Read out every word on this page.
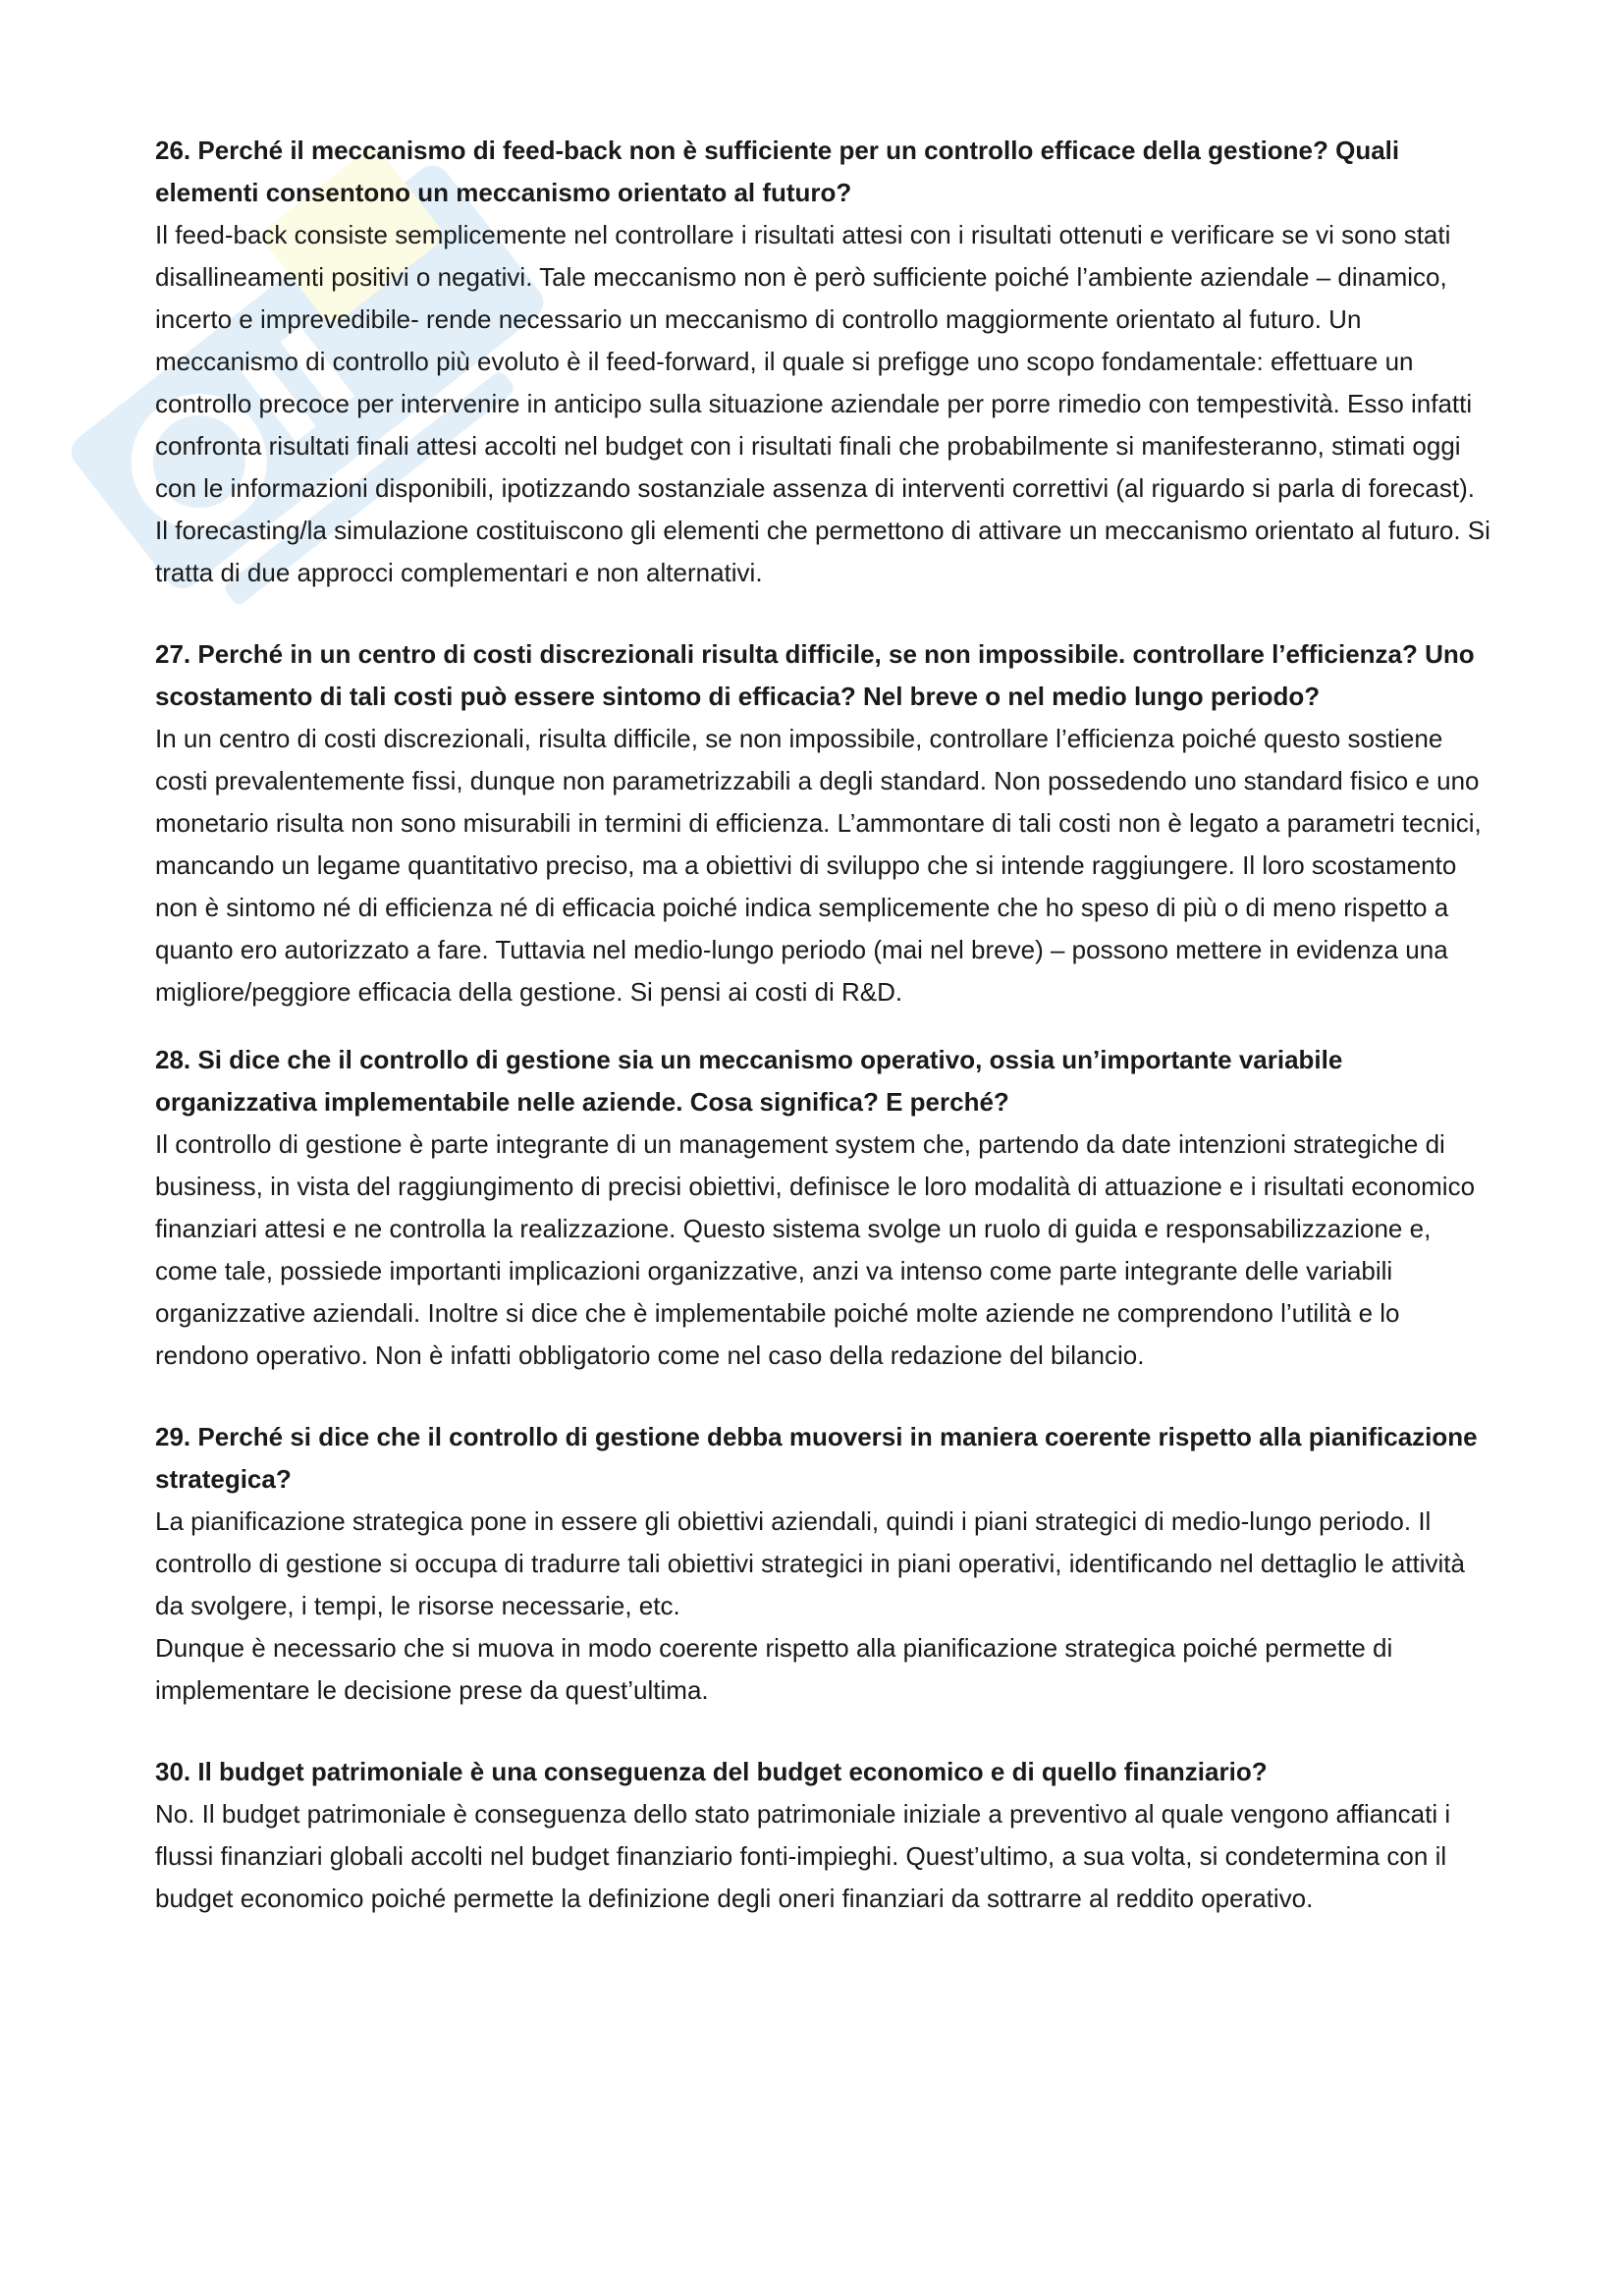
26. Perché il meccanismo di feed-back non è sufficiente per un controllo efficace della gestione? Quali elementi consentono un meccanismo orientato al futuro?

Il feed-back consiste semplicemente nel controllare i risultati attesi con i risultati ottenuti e verificare se vi sono stati disallineamenti positivi o negativi. Tale meccanismo non è però sufficiente poiché l’ambiente aziendale – dinamico, incerto e imprevedibile- rende necessario un meccanismo di controllo maggiormente orientato al futuro. Un meccanismo di controllo più evoluto è il feed-forward, il quale si prefigge uno scopo fondamentale: effettuare un controllo precoce per intervenire in anticipo sulla situazione aziendale per porre rimedio con tempestività. Esso infatti confronta risultati finali attesi accolti nel budget con i risultati finali che probabilmente si manifesteranno, stimati oggi con le informazioni disponibili, ipotizzando sostanziale assenza di interventi correttivi (al riguardo si parla di forecast).

Il forecasting/la simulazione costituiscono gli elementi che permettono di attivare un meccanismo orientato al futuro. Si tratta di due approcci complementari e non alternativi.

27. Perché in un centro di costi discrezionali risulta difficile, se non impossibile. controllare l’efficienza? Uno scostamento di tali costi può essere sintomo di efficacia? Nel breve o nel medio lungo periodo?

In un centro di costi discrezionali, risulta difficile, se non impossibile, controllare l’efficienza poiché questo sostiene costi prevalentemente fissi, dunque non parametrizzabili a degli standard. Non possedendo uno standard fisico e uno monetario risulta non sono misurabili in termini di efficienza. L’ammontare di tali costi non è legato a parametri tecnici, mancando un legame quantitativo preciso, ma a obiettivi di sviluppo che si intende raggiungere. Il loro scostamento non è sintomo né di efficienza né di efficacia poiché indica semplicemente che ho speso di più o di meno rispetto a quanto ero autorizzato a fare. Tuttavia nel medio-lungo periodo (mai nel breve) – possono mettere in evidenza una migliore/peggiore efficacia della gestione. Si pensi ai costi di R&D.

28. Si dice che il controllo di gestione sia un meccanismo operativo, ossia un’importante variabile organizzativa implementabile nelle aziende. Cosa significa? E perché?

Il controllo di gestione è parte integrante di un management system che, partendo da date intenzioni strategiche di business, in vista del raggiungimento di precisi obiettivi, definisce le loro modalità di attuazione e i risultati economico finanziari attesi e ne controlla la realizzazione. Questo sistema svolge un ruolo di guida e responsabilizzazione e, come tale, possiede importanti implicazioni organizzative, anzi va intenso come parte integrante delle variabili organizzative aziendali. Inoltre si dice che è implementabile poiché molte aziende ne comprendono l’utilità e lo rendono operativo. Non è infatti obbligatorio come nel caso della redazione del bilancio.

29. Perché si dice che il controllo di gestione debba muoversi in maniera coerente rispetto alla pianificazione strategica?

La pianificazione strategica pone in essere gli obiettivi aziendali, quindi i piani strategici di medio-lungo periodo. Il controllo di gestione si occupa di tradurre tali obiettivi strategici in piani operativi, identificando nel dettaglio le attività da svolgere, i tempi, le risorse necessarie, etc.

Dunque è necessario che si muova in modo coerente rispetto alla pianificazione strategica poiché permette di implementare le decisione prese da quest’ultima.

30. Il budget patrimoniale è una conseguenza del budget economico e di quello finanziario?

No. Il budget patrimoniale è conseguenza dello stato patrimoniale iniziale a preventivo al quale vengono affiancati i flussi finanziari globali accolti nel budget finanziario fonti-impieghi. Quest’ultimo, a sua volta, si condetermina con il budget economico poiché permette la definizione degli oneri finanziari da sottrarre al reddito operativo.
